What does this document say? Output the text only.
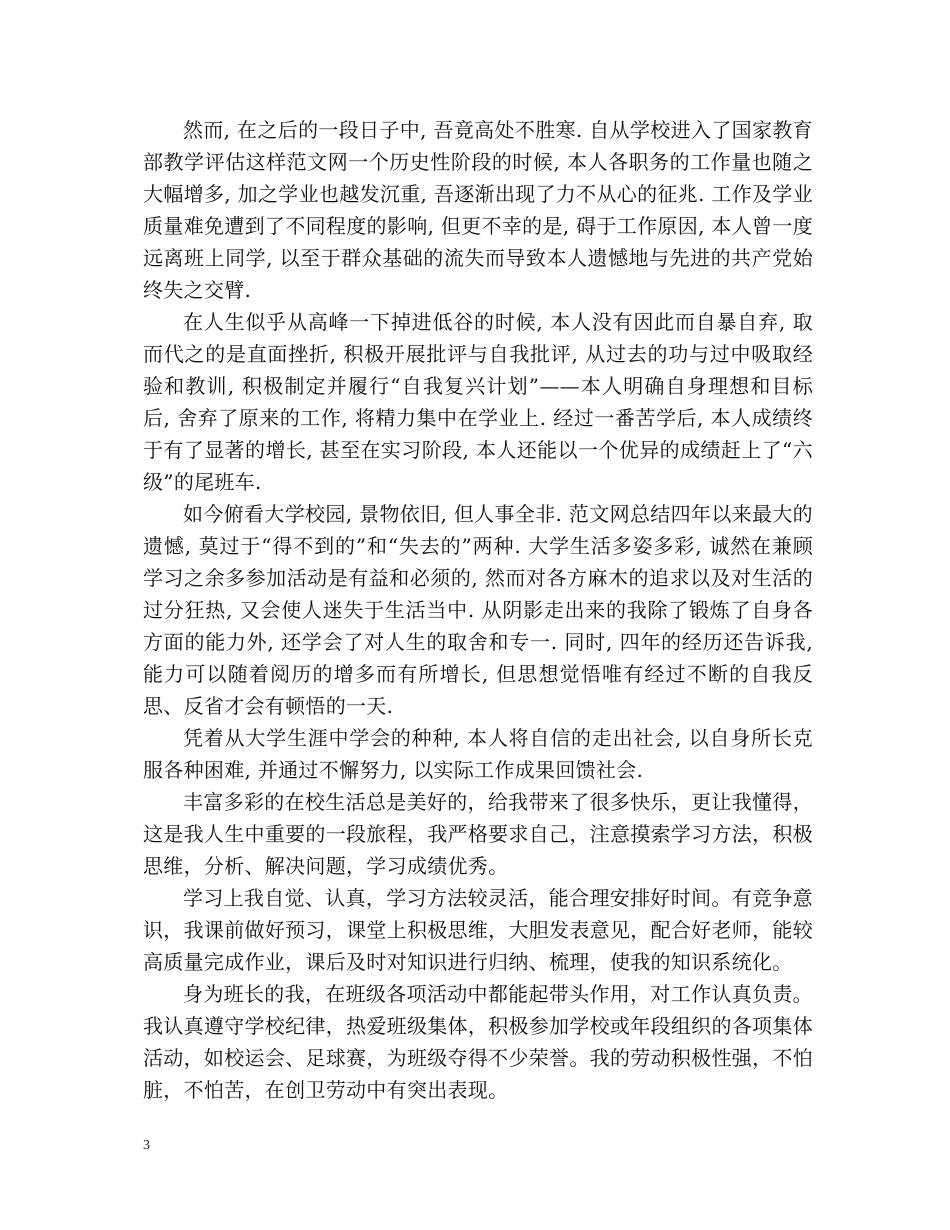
然而, 在之后的一段日子中, 吾竟高处不胜寒. 自从学校进入了国家教育部教学评估这样范文网一个历史性阶段的时候, 本人各职务的工作量也随之大幅增多, 加之学业也越发沉重, 吾逐渐出现了力不从心的征兆. 工作及学业质量难免遭到了不同程度的影响, 但更不幸的是, 碍于工作原因, 本人曾一度远离班上同学, 以至于群众基础的流失而导致本人遗憾地与先进的共产党始终失之交臂.

在人生似乎从高峰一下掉进低谷的时候, 本人没有因此而自暴自弃, 取而代之的是直面挫折, 积极开展批评与自我批评, 从过去的功与过中吸取经验和教训, 积极制定并履行“自我复兴计划”——本人明确自身理想和目标后, 舍弃了原来的工作, 将精力集中在学业上. 经过一番苦学后, 本人成绩终于有了显著的增长, 甚至在实习阶段, 本人还能以一个优异的成绩赶上了“六级”的尾班车.

如今俯看大学校园, 景物依旧, 但人事全非. 范文网总结四年以来最大的遗憾, 莫过于“得不到的”和“失去的”两种. 大学生活多姿多彩, 诚然在兼顾学习之余多参加活动是有益和必须的, 然而对各方麻木的追求以及对生活的过分狂热, 又会使人迷失于生活当中. 从阴影走出来的我除了锻炼了自身各方面的能力外, 还学会了对人生的取舍和专一. 同时, 四年的经历还告诉我, 能力可以随着阅历的增多而有所增长, 但思想觉悟唯有经过不断的自我反思、反省才会有顿悟的一天.

凭着从大学生涯中学会的种种, 本人将自信的走出社会, 以自身所长克服各种困难, 并通过不懈努力, 以实际工作成果回馈社会.

丰富多彩的在校生活总是美好的，给我带来了很多快乐，更让我懂得，这是我人生中重要的一段旅程，我严格要求自己，注意摸索学习方法，积极思维，分析、解决问题，学习成绩优秀。

学习上我自觉、认真，学习方法较灵活，能合理安排好时间。有竞争意识，我课前做好预习，课堂上积极思维，大胆发表意见，配合好老师，能较高质量完成作业，课后及时对知识进行归纳、梳理，使我的知识系统化。

身为班长的我，在班级各项活动中都能起带头作用，对工作认真负责。我认真遵守学校纪律，热爱班级集体，积极参加学校或年段组织的各项集体活动，如校运会、足球赛，为班级夺得不少荣誉。我的劳动积极性强，不怕脏，不怕苦，在创卫劳动中有突出表现。

3
